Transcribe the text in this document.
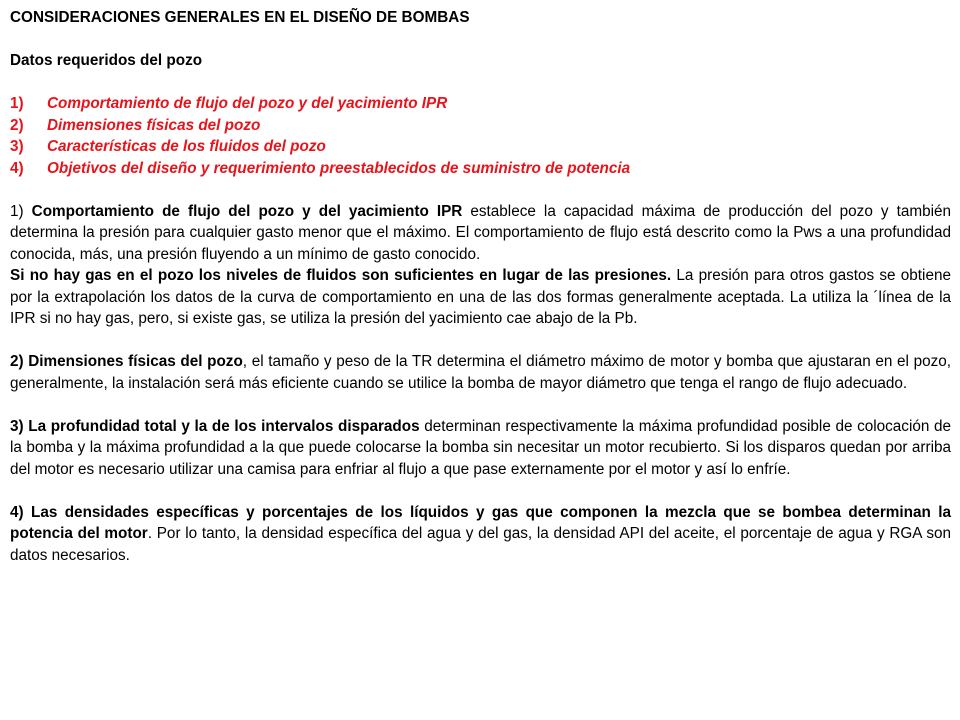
CONSIDERACIONES GENERALES EN EL DISEÑO DE BOMBAS
Datos requeridos del pozo
1) Comportamiento de flujo del pozo y del yacimiento IPR
2) Dimensiones físicas del pozo
3) Características de los fluidos del pozo
4) Objetivos del diseño y requerimiento preestablecidos de suministro de potencia

1) Comportamiento de flujo del pozo y del yacimiento IPR establece la capacidad máxima de producción del pozo y también determina la presión para cualquier gasto menor que el máximo. El comportamiento de flujo está descrito como la Pws a una profundidad conocida, más, una presión fluyendo a un mínimo de gasto conocido.

Si no hay gas en el pozo los niveles de fluidos son suficientes en lugar de las presiones. La presión para otros gastos se obtiene por la extrapolación los datos de la curva de comportamiento en una de las dos formas generalmente aceptada. La utiliza la ´línea de la IPR si no hay gas, pero, si existe gas, se utiliza la presión del yacimiento cae abajo de la Pb.

2) Dimensiones físicas del pozo, el tamaño y peso de la TR determina el diámetro máximo de motor y bomba que ajustaran en el pozo, generalmente, la instalación será más eficiente cuando se utilice la bomba de mayor diámetro que tenga el rango de flujo adecuado.

3) La profundidad total y la de los intervalos disparados determinan respectivamente la máxima profundidad posible de colocación de la bomba y la máxima profundidad a la que puede colocarse la bomba sin necesitar un motor recubierto. Si los disparos quedan por arriba del motor es necesario utilizar una camisa para enfriar al flujo a que pase externamente por el motor y así lo enfríe.

4) Las densidades específicas y porcentajes de los líquidos y gas que componen la mezcla que se bombea determinan la potencia del motor. Por lo tanto, la densidad específica del agua y del gas, la densidad API del aceite, el porcentaje de agua y RGA son datos necesarios.
